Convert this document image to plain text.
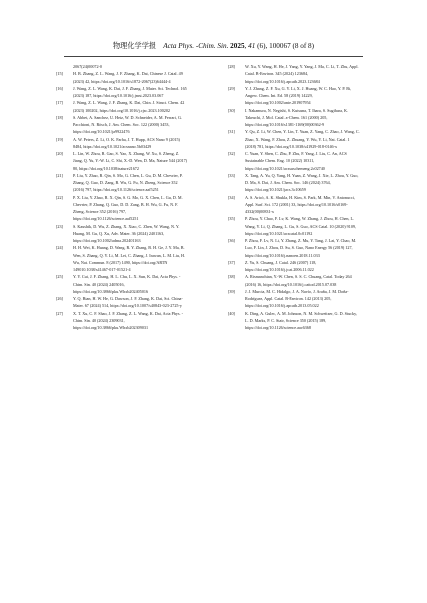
物理化学学报 Acta Phys. -Chim. Sin. 2025, 41 (6), 100067 (8 of 8)
2067(24)00072-0
[15]	H. B. Zhang, Z. L. Wang, J. F. Zhang, K. Dai, Chinese J. Catal. 49
(2023) 42, https://doi.org/10.1016/s1872-2067(23)64444-4
[16]	J. Wang, Z. L. Wang, K. Dai, J. F. Zhang, J. Mater. Sci. Technol. 165
(2023) 187, https://doi.org/10.1016/j.jmst.2023.03.067
[17]	J. Wang, Z. L. Wang, J. F. Zhang, K. Dai, Chin. J. Struct. Chem. 42
(2023) 100202, https://doi.org/10.1016/j.cjsc.2023.100202
[18]	S. Abbet, A. Sanchez, U. Heiz, W. D. Schneider, A. M. Ferrari, G.
Pacchioni, N. Rösch, J. Am. Chem. Soc. 122 (2000) 3453,
https://doi.org/10.1021/ja9922476
[19]	A. W. Peters, Z. Li, O. K. Farha, J. T. Hupp, ACS Nano 9 (2015)
8484, https://doi.org/10.1021/acsnano.5b03429
[20]	L. Lin, W. Zhou, R. Gao, S. Yao, X. Zhang, W. Xu, S. Zheng, Z.
Jiang, Q. Yu, Y.-W. Li, C. Shi, X.-D. Wen, D. Ma, Nature 544 (2017)
80, https://doi.org/10.1038/nature21672
[21]	P. Liu, Y. Zhao, R. Qin, S. Mo, G. Chen, L. Gu, D. M. Chevrier, P.
Zhang, Q. Guo, D. Zang, B. Wu, G. Fu, N. Zheng, Science 352
(2016) 797, https://doi.org/10.1126/science.aaf5251
[22]	P. X. Liu, Y. Zhao, R. X. Qin, S. G. Mo, G. X. Chen, L. Gu, D. M.
Chevrier, P. Zhang, Q. Guo, D. D. Zang, B. H. Wu, G. Fu, N. F.
Zheng, Science 352 (2016) 797,
https://doi.org/10.1126/science.aaf5251
[23]	S. Kaushik, D. Wu, Z. Zhang, X. Xiao, C. Zhen, W. Wang, N. Y.
Huang, M. Gu, Q. Xu, Adv. Mater. 36 (2024) 2401163,
https://doi.org/10.1002/adma.202401163
[24]	H. H. Wei, K. Huang, D. Wang, R. Y. Zhang, B. H. Ge, J. Y. Ma, B.
Wen, S. Zhang, Q. Y. Li, M. Lei, C. Zhang, J. Irawan, L. M. Liu, H.
Wu, Nat. Commun. 8 (2017) 1490, https://doi.org/ARTN
149010.1038/s41467-017-01521-4
[25]	Y. Y. Cui, J. F. Zhang, H. L. Chu, L. X. Sun, K. Dai, Acta Phys. -
Chim. Sin. 40 (2024) 2405016,
https://doi.org/10.3866/pku.Whxb202405016
[26]	Y. Q. Bian, H. W. He, G. Dawson, J. F. Zhang, K. Dai, Sci. China-
Mater. 67 (2024) 514, https://doi.org/10.1007/s40843-023-2725-y
[27]	X. T. Xu, C. F. Shao, J. F. Zhang, Z. L. Wang, K. Dai, Acta Phys. -
Chim. Sin. 40 (2024) 2309031,
https://doi.org/10.3866/pku.Whxb202309031
[28]	W. Xu, Y. Wang, H. He, J. Yang, Y. Yang, J. Ma, C. Li, T. Zhu, Appl.
Catal. B-Environ. 345 (2024) 123684,
https://doi.org/10.1016/j.apcatb.2023.123684
[29]	Y. J. Zhang, Z. F. Xu, G. Y. Li, X. J. Huang, W. C. Hao, Y. P. Bi,
Angew. Chem. Int. Ed. 58 (2019) 14229,
https://doi.org/10.1002/anie.201907954
[30]	I. Nakamura, N. Negishi, S. Kutsuna, T. Ihara, S. Sugihara, K.
Takeuchi, J. Mol. Catal. a-Chem. 161 (2000) 205,
https://doi.org/10.1016/s1381-1169(00)00362-9
[31]	Y. Qu, Z. Li, W. Chen, Y. Lin, T. Yuan, Z. Yang, C. Zhao, J. Wang, C.
Zhao, X. Wang, F. Zhou, Z. Zhuang, Y. Wu, Y. Li, Nat. Catal. 1
(2018) 781, https://doi.org/10.1038/s41929-018-0146-x
[32]	C. Yuan, Y. Shen, C. Zhu, P. Zhu, F. Yang, J. Liu, C. An, ACS
Sustainable Chem. Eng. 10 (2022) 10311,
https://doi.org/10.1021/acssuschemeng.2c02740
[33]	X. Tang, A. Yu, Q. Yang, H. Yuan, Z. Wang, J. Xie, L. Zhou, Y. Guo,
D. Ma, S. Dai, J. Am. Chem. Soc. 146 (2024) 3764,
https://doi.org/10.1021/jacs.3c10659
[34]	A. S. Aricò, A. K. Shukla, H. Kim, S. Park, M. Min, V. Antonucci,
Appl. Surf. Sci. 172 (2001) 33, https://doi.org/10.1016/s0169-
4332(00)00831-x
[35]	P. Zhou, Y. Chao, F. Lv, K. Wang, W. Zhang, J. Zhou, H. Chen, L.
Wang, Y. Li, Q. Zhang, L. Gu, S. Guo, ACS Catal. 10 (2020) 9109,
https://doi.org/10.1021/acscatal.0c01192
[36]	P. Zhou, F. Lv, N. Li, Y. Zhang, Z. Mu, Y. Tang, J. Lai, Y. Chao, M.
Luo, F. Lin, J. Zhou, D. Su, S. Guo, Nano Energy 56 (2019) 127,
https://doi.org/10.1016/j.nanoen.2018.11.033
[37]	Z. Yu, S. Chuang, J. Catal. 246 (2007) 118,
https://doi.org/10.1016/j.jcat.2006.11.022
[38]	A. Rismanchian, Y.-W. Chen, S. S. C. Chuang, Catal. Today 264
(2016) 16, https://doi.org/10.1016/j.cattod.2015.07.038
[39]	J. J. Murcia, M. C. Hidalgo, J. A. Navío, J. Araña, J. M. Doña-
Rodríguez, Appl. Catal. B-Environ. 142 (2013) 205,
https://doi.org/10.1016/j.apcatb.2013.05.022
[40]	K. Ding, A. Gulec, A. M. Johnson, N. M. Schweitzer, G. D. Stucky,
L. D. Marks, P. C. Stair, Science 350 (2015) 189,
https://doi.org/10.1126/science.aac6368
